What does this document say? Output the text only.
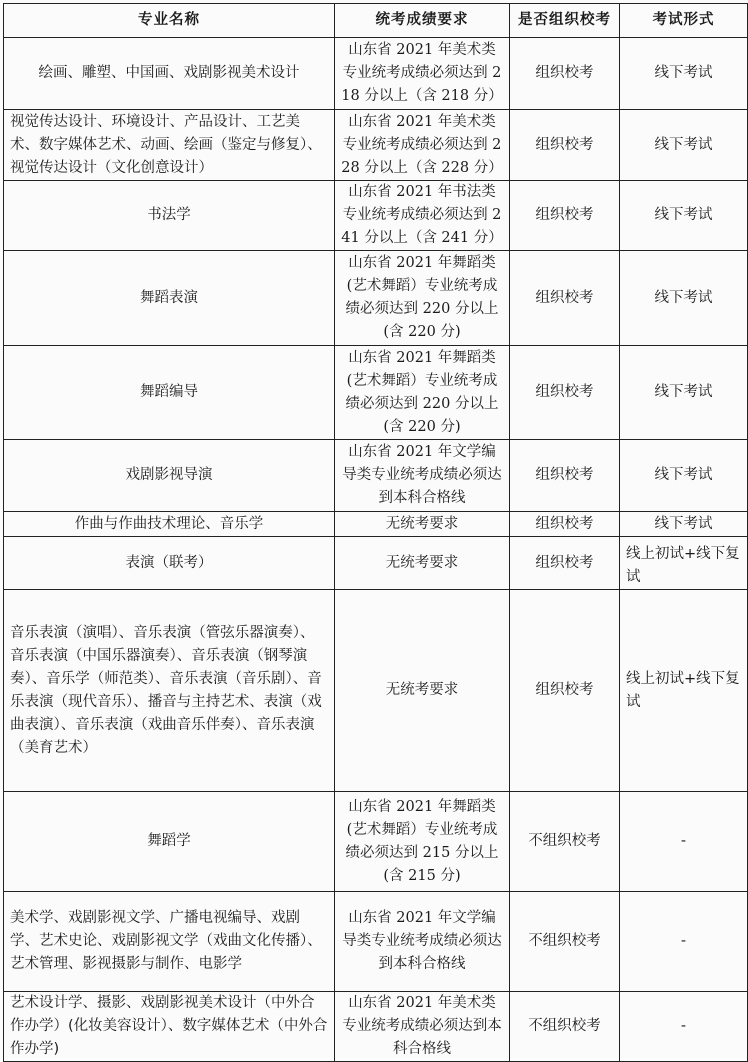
专业名称	统考成绩要求	是否组织校考	考试形式
绘画、雕塑、中国画、戏剧影视美术设计	山东省 2021 年美术类专业统考成绩必须达到 218 分以上（含 218 分）	组织校考	线下考试
视觉传达设计、环境设计、产品设计、工艺美术、数字媒体艺术、动画、绘画（鉴定与修复）、视觉传达设计（文化创意设计）	山东省 2021 年美术类专业统考成绩必须达到 228 分以上（含 228 分）	组织校考	线下考试
书法学	山东省 2021 年书法类专业统考成绩必须达到 241 分以上（含 241 分）	组织校考	线下考试
舞蹈表演	山东省 2021 年舞蹈类(艺术舞蹈）专业统考成绩必须达到 220 分以上(含 220 分)	组织校考	线下考试
舞蹈编导	山东省 2021 年舞蹈类(艺术舞蹈）专业统考成绩必须达到 220 分以上(含 220 分)	组织校考	线下考试
戏剧影视导演	山东省 2021 年文学编导类专业统考成绩必须达到本科合格线	组织校考	线下考试
作曲与作曲技术理论、音乐学	无统考要求	组织校考	线下考试
表演（联考）	无统考要求	组织校考	线上初试+线下复试
音乐表演（演唱）、音乐表演（管弦乐器演奏）、音乐表演（中国乐器演奏）、音乐表演（钢琴演奏）、音乐学（师范类）、音乐表演（音乐剧）、音乐表演（现代音乐）、播音与主持艺术、表演（戏曲表演）、音乐表演（戏曲音乐伴奏）、音乐表演（美育艺术）	无统考要求	组织校考	线上初试+线下复试
舞蹈学	山东省 2021 年舞蹈类(艺术舞蹈）专业统考成绩必须达到 215 分以上(含 215 分)	不组织校考	-
美术学、戏剧影视文学、广播电视编导、戏剧学、艺术史论、戏剧影视文学（戏曲文化传播）、艺术管理、影视摄影与制作、电影学	山东省 2021 年文学编导类专业统考成绩必须达到本科合格线	不组织校考	-
艺术设计学、摄影、戏剧影视美术设计（中外合作办学）(化妆美容设计）、数字媒体艺术（中外合作办学)	山东省 2021 年美术类专业统考成绩必须达到本科合格线	不组织校考	-
